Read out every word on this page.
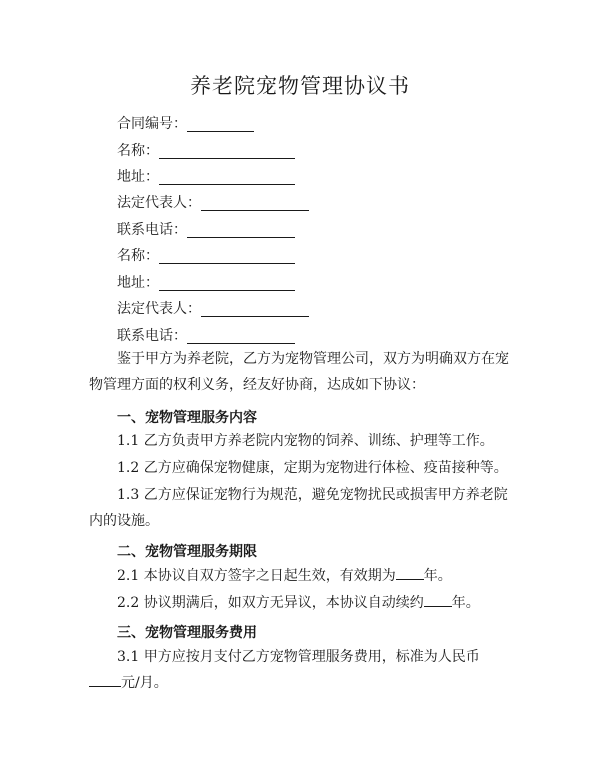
养老院宠物管理协议书
合同编号：
名称：
地址：
法定代表人：
联系电话：
名称：
地址：
法定代表人：
联系电话：
鉴于甲方为养老院，乙方为宠物管理公司，双方为明确双方在宠物管理方面的权利义务，经友好协商，达成如下协议：
一、宠物管理服务内容
1.1 乙方负责甲方养老院内宠物的饲养、训练、护理等工作。
1.2 乙方应确保宠物健康，定期为宠物进行体检、疫苗接种等。
1.3 乙方应保证宠物行为规范，避免宠物扰民或损害甲方养老院内的设施。
二、宠物管理服务期限
2.1 本协议自双方签字之日起生效，有效期为 年。
2.2 协议期满后，如双方无异议，本协议自动续约 年。
三、宠物管理服务费用
3.1 甲方应按月支付乙方宠物管理服务费用，标准为人民币元/月。
